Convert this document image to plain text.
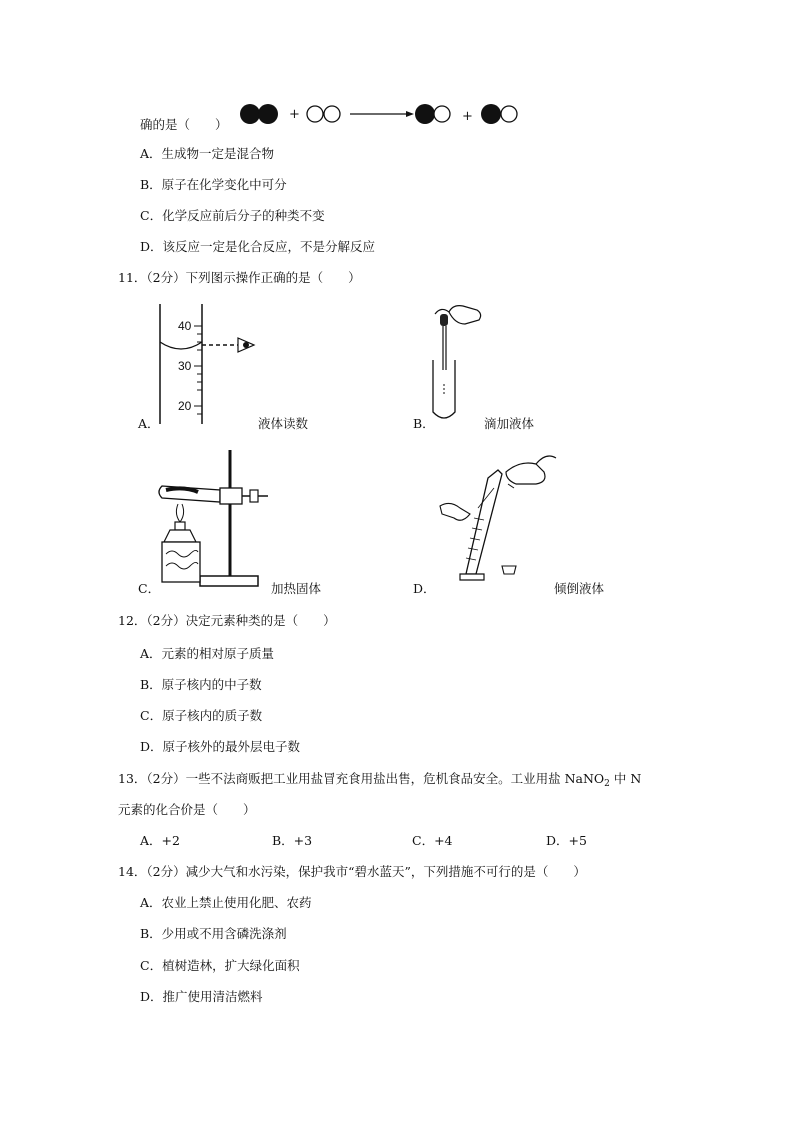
+	+
确的是（　　）
A．生成物一定是混合物
B．原子在化学变化中可分
C．化学反应前后分子的种类不变
D．该反应一定是化合反应，不是分解反应
11．（2分）下列图示操作正确的是（　　）
40
30
20
A．	液体读数	B．	滴加液体
C．	加热固体	D．	倾倒液体
12．（2分）决定元素种类的是（　　）
A．元素的相对原子质量
B．原子核内的中子数
C．原子核内的质子数
D．原子核外的最外层电子数
13．（2分）一些不法商贩把工业用盐冒充食用盐出售，危机食品安全。工业用盐 NaNO$_2$ 中 N
元素的化合价是（　　）
A．+2	B．+3	C．+4	D．+5
14．（2分）减少大气和水污染，保护我市“碧水蓝天”，下列措施不可行的是（　　）
A．农业上禁止使用化肥、农药
B．少用或不用含磷洗涤剂
C．植树造林，扩大绿化面积
D．推广使用清洁燃料
